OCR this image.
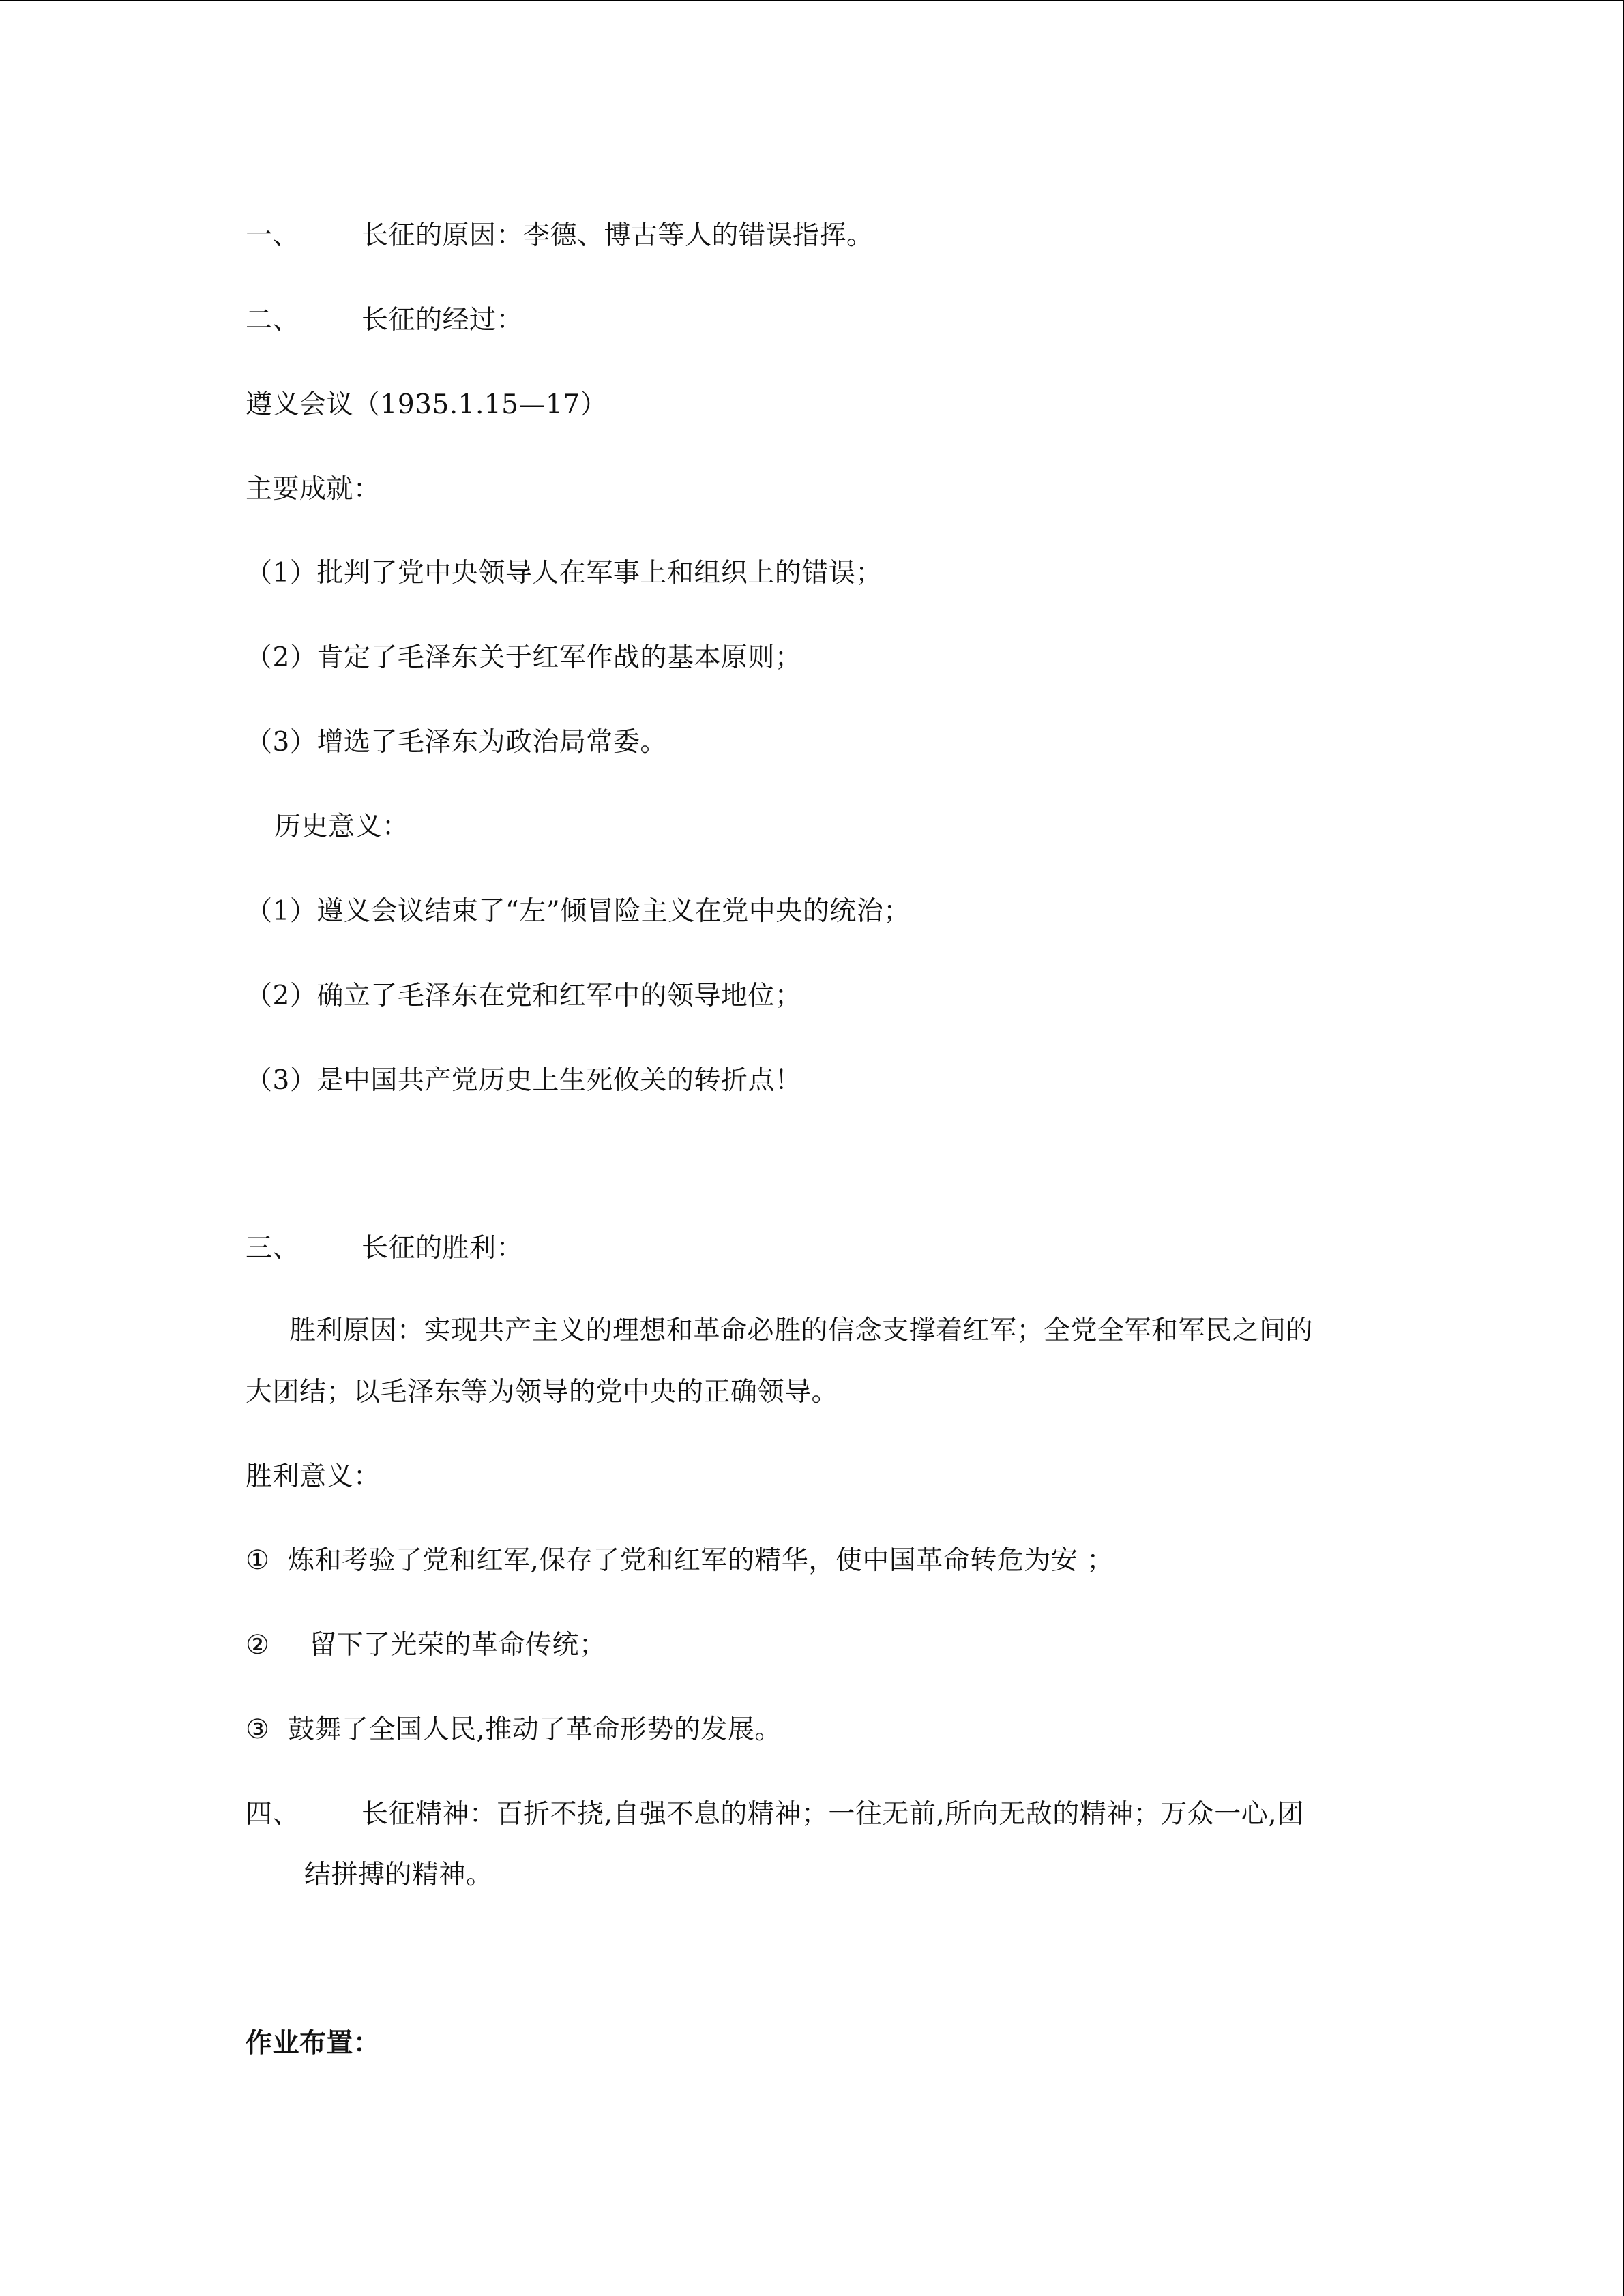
一、 长征的原因：李德、博古等人的错误指挥。
二、 长征的经过：
遵义会议（1935.1.15—17）
主要成就：
（1）批判了党中央领导人在军事上和组织上的错误；
（2）肯定了毛泽东关于红军作战的基本原则；
（3）增选了毛泽东为政治局常委。
历史意义：
（1）遵义会议结束了“左”倾冒险主义在党中央的统治；
（2）确立了毛泽东在党和红军中的领导地位；
（3）是中国共产党历史上生死攸关的转折点！
三、 长征的胜利：
胜利原因：实现共产主义的理想和革命必胜的信念支撑着红军；全党全军和军民之间的
大团结；以毛泽东等为领导的党中央的正确领导。
胜利意义：
① 炼和考验了党和红军,保存了党和红军的精华，使中国革命转危为安 ；
② 留下了光荣的革命传统；
③ 鼓舞了全国人民,推动了革命形势的发展。
四、 长征精神：百折不挠,自强不息的精神；一往无前,所向无敌的精神；万众一心,团
结拼搏的精神。
作业布置：
